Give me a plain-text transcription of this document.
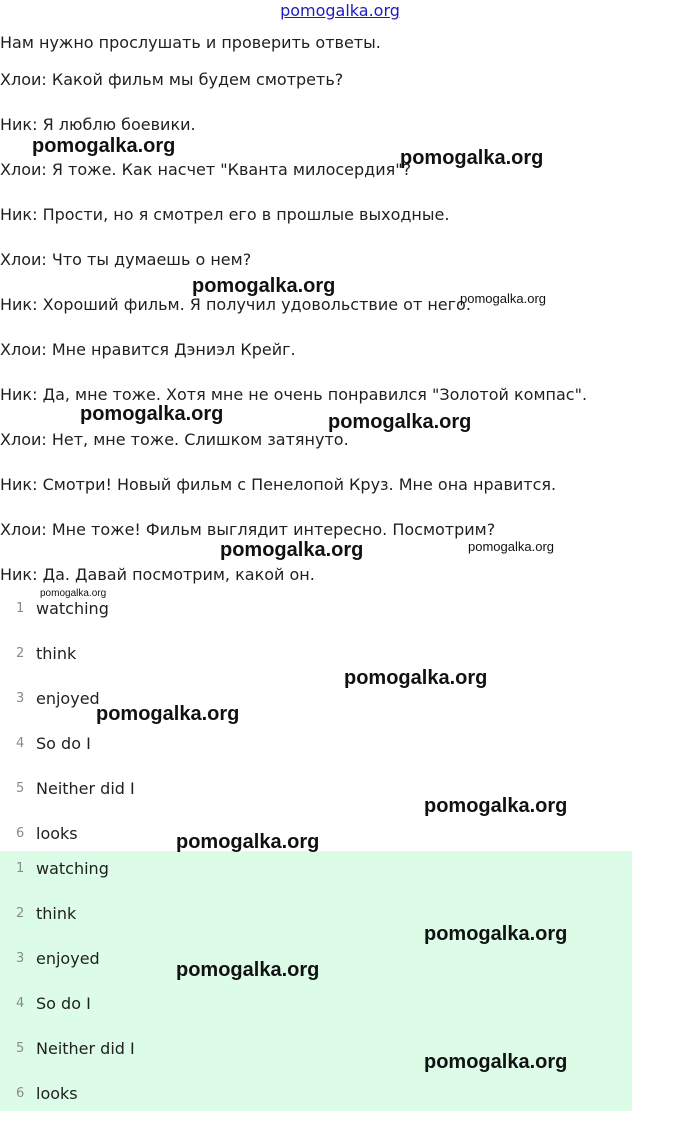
pomogalka.org
Нам нужно прослушать и проверить ответы.
Хлои: Какой фильм мы будем смотреть?
Ник: Я люблю боевики.
Хлои: Я тоже. Как насчет "Кванта милосердия"?
Ник: Прости, но я смотрел его в прошлые выходные.
Хлои: Что ты думаешь о нем?
Ник: Хороший фильм. Я получил удовольствие от него.
Хлои: Мне нравится Дэниэл Крейг.
Ник: Да, мне тоже. Хотя мне не очень понравился "Золотой компас".
Хлои: Нет, мне тоже. Слишком затянуто.
Ник: Смотри! Новый фильм с Пенелопой Круз. Мне она нравится.
Хлои: Мне тоже! Фильм выглядит интересно. Посмотрим?
Ник: Да. Давай посмотрим, какой он.
1 watching
2 think
3 enjoyed
4 So do I
5 Neither did I
6 looks
1 watching
2 think
3 enjoyed
4 So do I
5 Neither did I
6 looks
pomogalka.org
pomogalka.org
pomogalka.org
pomogalka.org
pomogalka.org	pomogalka.org
pomogalka.org	pomogalka.org
pomogalka.org
pomogalka.org
pomogalka.org
pomogalka.org
pomogalka.org
pomogalka.org
pomogalka.org
pomogalka.org
